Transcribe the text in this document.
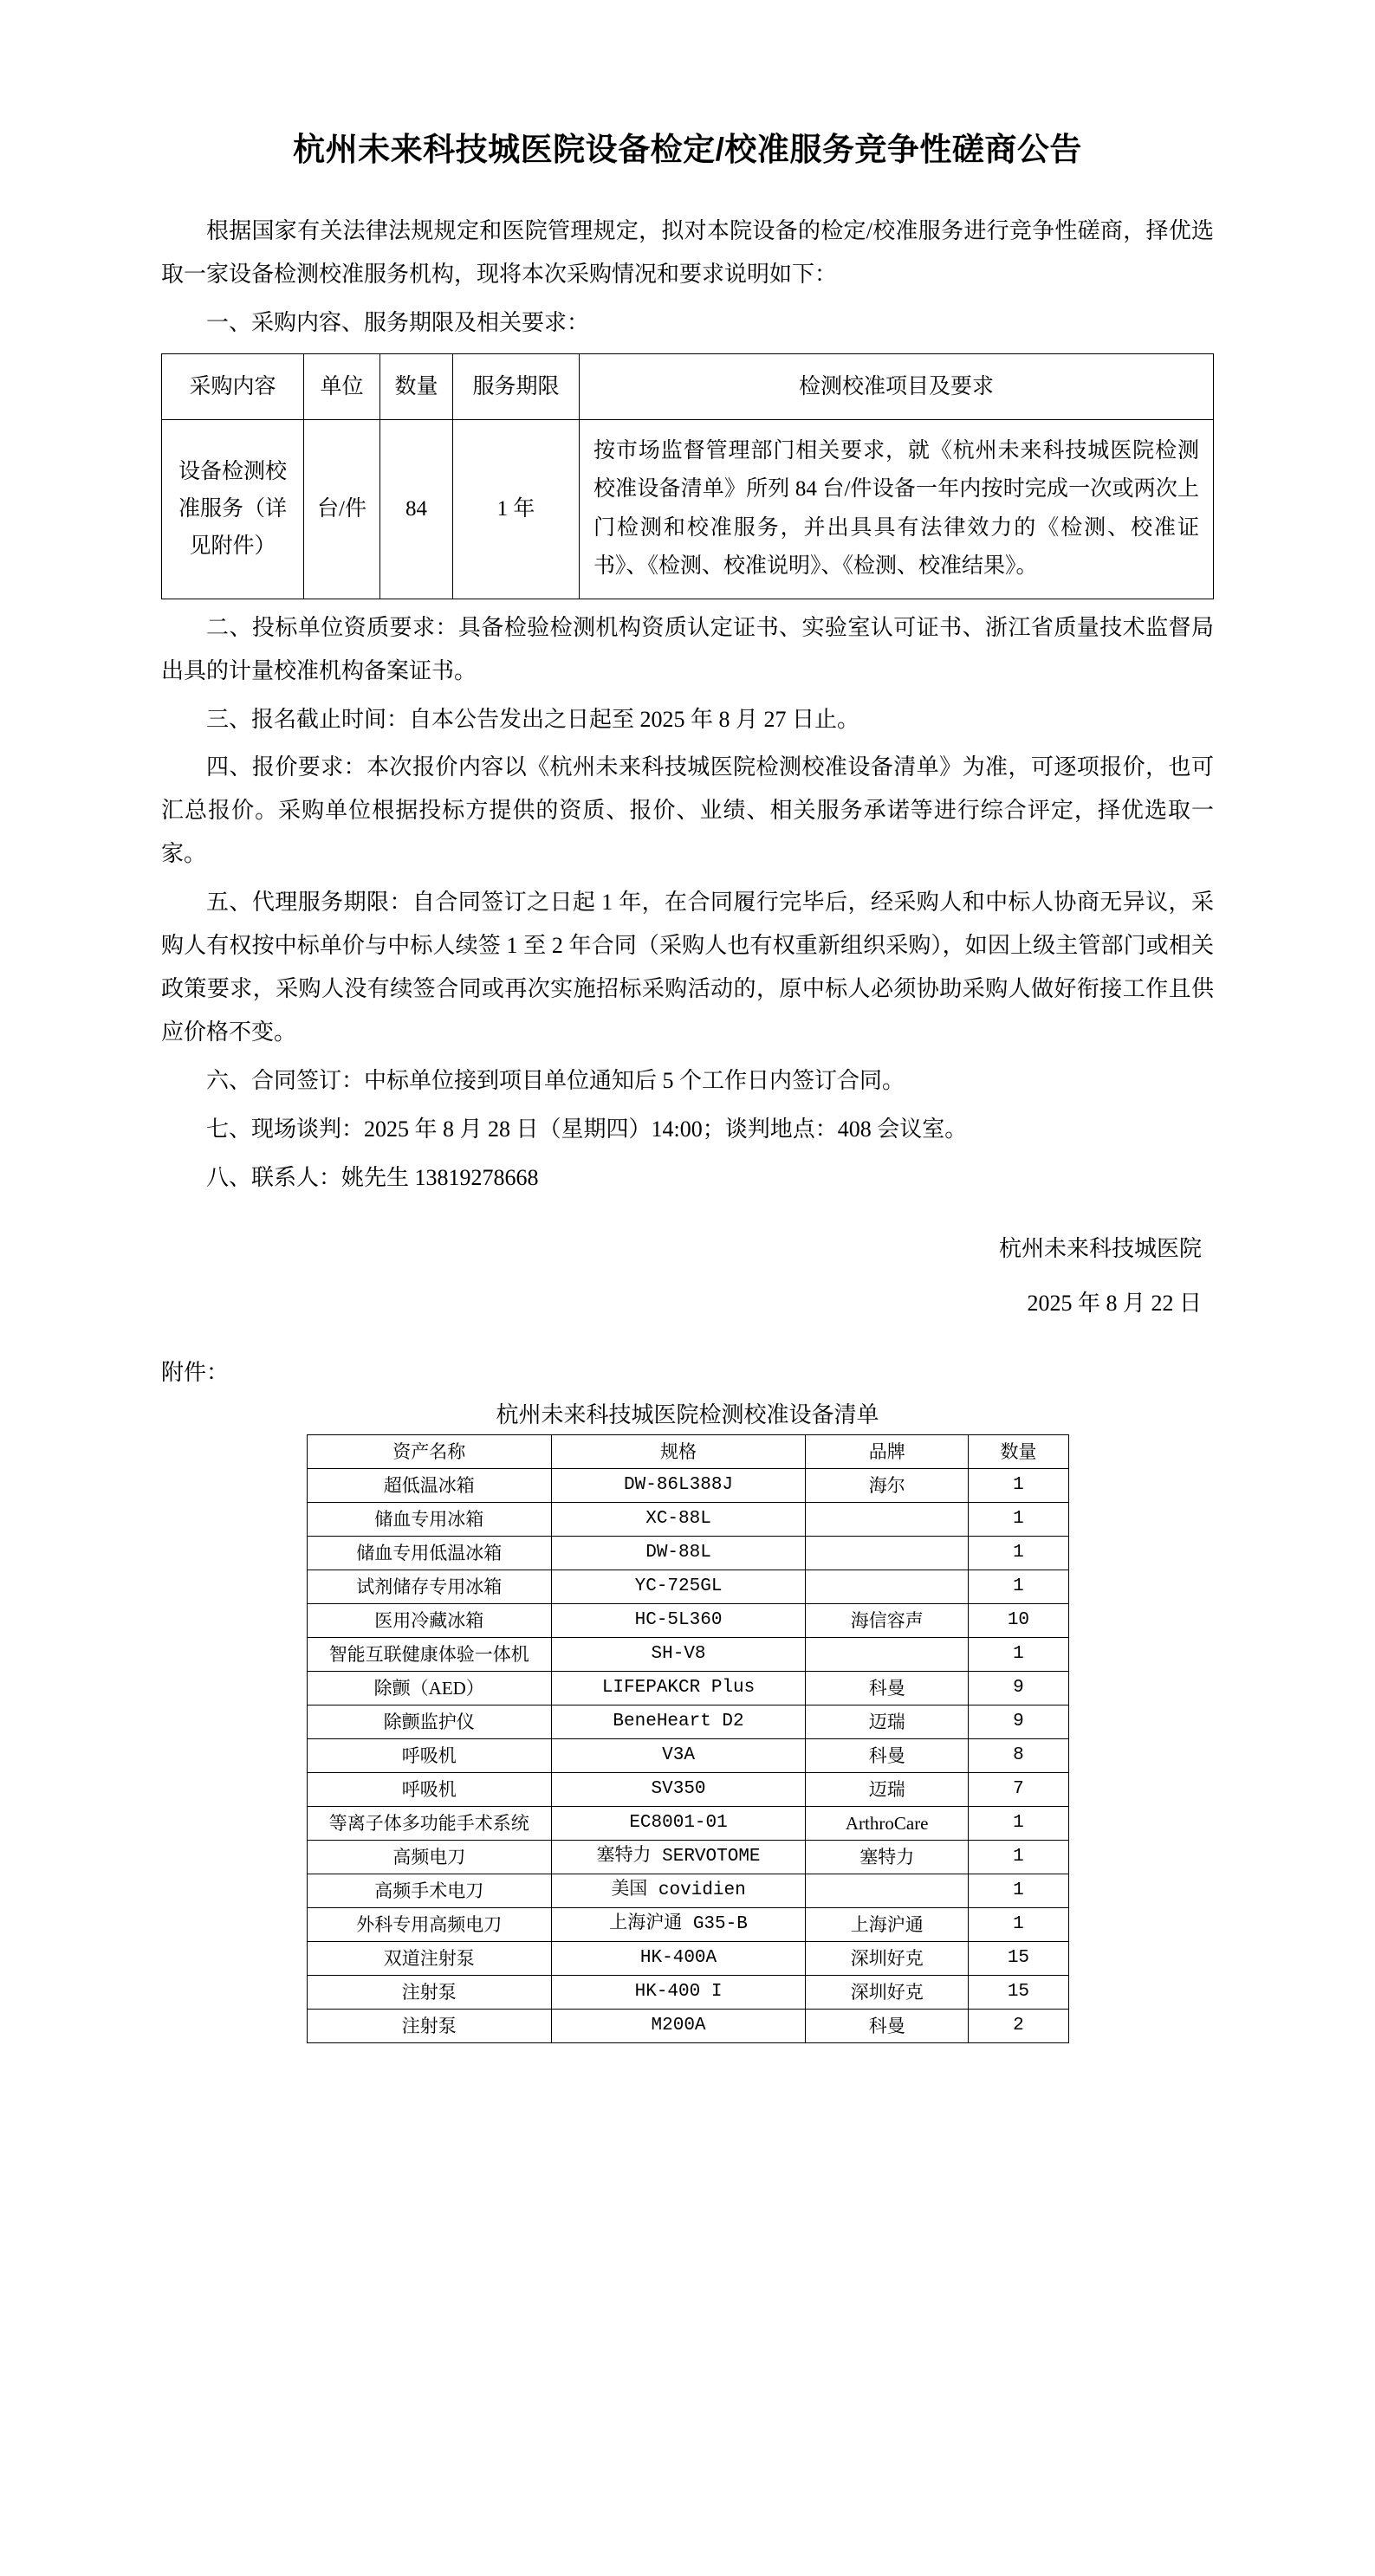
杭州未来科技城医院设备检定/校准服务竞争性磋商公告

根据国家有关法律法规规定和医院管理规定，拟对本院设备的检定/校准服务进行竞争性磋商，择优选取一家设备检测校准服务机构，现将本次采购情况和要求说明如下：

一、采购内容、服务期限及相关要求：

采购内容	单位	数量	服务期限	检测校准项目及要求
设备检测校准服务（详见附件）	台/件	84	1 年	按市场监督管理部门相关要求，就《杭州未来科技城医院检测校准设备清单》所列 84 台/件设备一年内按时完成一次或两次上门检测和校准服务，并出具具有法律效力的《检测、校准证书》、《检测、校准说明》、《检测、校准结果》。

二、投标单位资质要求：具备检验检测机构资质认定证书、实验室认可证书、浙江省质量技术监督局出具的计量校准机构备案证书。

三、报名截止时间：自本公告发出之日起至 2025 年 8 月 27 日止。

四、报价要求：本次报价内容以《杭州未来科技城医院检测校准设备清单》为准，可逐项报价，也可汇总报价。采购单位根据投标方提供的资质、报价、业绩、相关服务承诺等进行综合评定，择优选取一家。

五、代理服务期限：自合同签订之日起 1 年，在合同履行完毕后，经采购人和中标人协商无异议，采购人有权按中标单价与中标人续签 1 至 2 年合同（采购人也有权重新组织采购），如因上级主管部门或相关政策要求，采购人没有续签合同或再次实施招标采购活动的，原中标人必须协助采购人做好衔接工作且供应价格不变。

六、合同签订：中标单位接到项目单位通知后 5 个工作日内签订合同。

七、现场谈判：2025 年 8 月 28 日（星期四）14:00；谈判地点：408 会议室。

八、联系人：姚先生 13819278668

杭州未来科技城医院

2025 年 8 月 22 日

附件：

杭州未来科技城医院检测校准设备清单

资产名称	规格	品牌	数量
超低温冰箱	DW-86L388J	海尔	1
储血专用冰箱	XC-88L		1
储血专用低温冰箱	DW-88L		1
试剂储存专用冰箱	YC-725GL		1
医用冷藏冰箱	HC-5L360	海信容声	10
智能互联健康体验一体机	SH-V8		1
除颤（AED）	LIFEPAKCR Plus	科曼	9
除颤监护仪	BeneHeart D2	迈瑞	9
呼吸机	V3A	科曼	8
呼吸机	SV350	迈瑞	7
等离子体多功能手术系统	EC8001-01	ArthroCare	1
高频电刀	塞特力 SERVOTOME	塞特力	1
高频手术电刀	美国 covidien		1
外科专用高频电刀	上海沪通 G35-B	上海沪通	1
双道注射泵	HK-400A	深圳好克	15
注射泵	HK-400 I	深圳好克	15
注射泵	M200A	科曼	2
